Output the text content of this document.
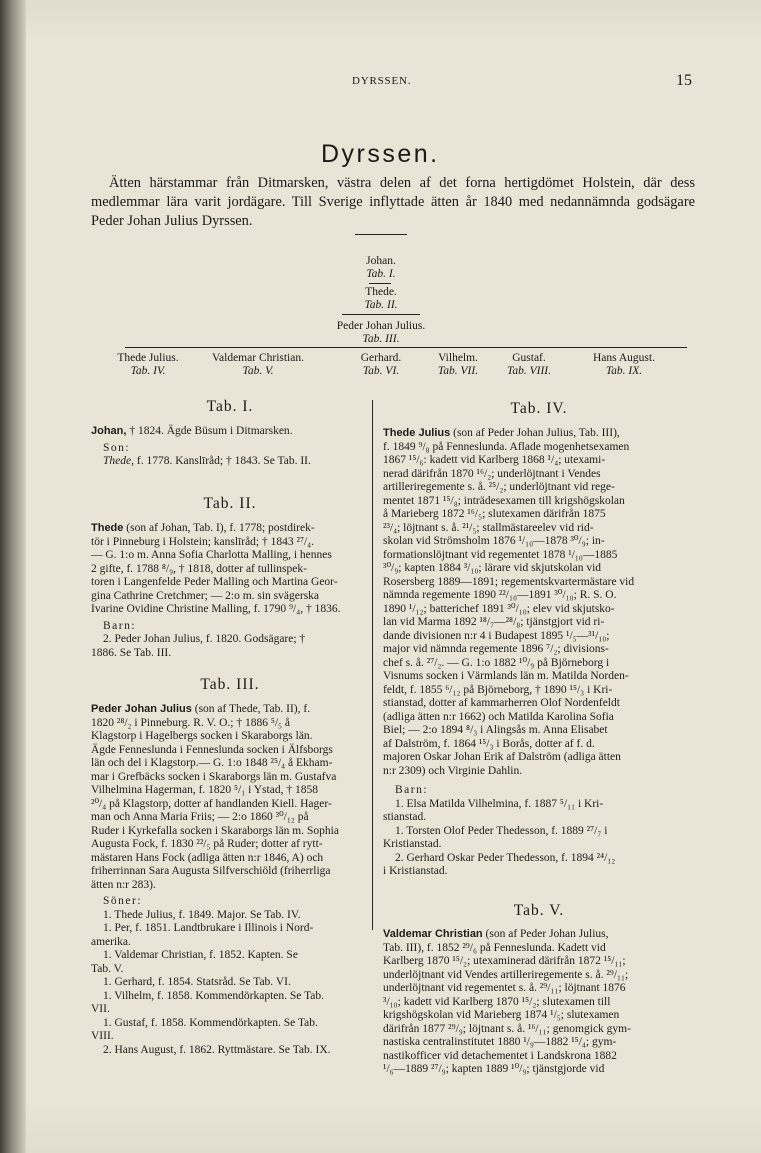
DYRSSEN.	15
Dyrssen.

Ätten härstammar från Ditmarsken, västra delen af det forna hertigdömet Holstein, där dess medlemmar lära varit jordägare. Till Sverige inflyttade ätten år 1840 med nedannämnda godsägare Peder Johan Julius Dyrssen.

Johan.
Tab. I.
Thede.
Tab. II.
Peder Johan Julius.
Tab. III.
Thede Julius.
Tab. IV.
Valdemar Christian.
Tab. V.
Gerhard.
Tab. VI.
Vilhelm.
Tab. VII.
Gustaf.
Tab. VIII.
Hans August.
Tab. IX.
Tab. I.
Johan, † 1824. Ägde Büsum i Ditmarsken.
Son:
Thede, f. 1778. Kanslīråd; † 1843. Se Tab. II.
Tab. II.
Thede (son af Johan, Tab. I), f. 1778; postdirek-
tör i Pinneburg i Holstein; kanslīråd; † 1843 ²⁷/₄.
— G. 1:o m. Anna Sofia Charlotta Malling, i hennes
2 gifte, f. 1788 ⁸/₉, † 1818, dotter af tullinspek-
toren i Langenfelde Peder Malling och Martina Geor-
gina Cathrine Cretchmer; — 2:o m. sin svägerska
Ivarine Ovidine Christine Malling, f. 1790 ⁹/₄, † 1836.
Barn:
2. Peder Johan Julius, f. 1820. Godsägare; †
1886. Se Tab. III.
Tab. III.
Peder Johan Julius (son af Thede, Tab. II), f.
1820 ²⁸/₂ i Pinneburg. R. V. O.; † 1886 ⁵/₅ å
Klagstorp i Hagelbergs socken i Skaraborgs län.
Ägde Fenneslunda i Fenneslunda socken i Älfsborgs
län och del i Klagstorp.— G. 1:o 1848 ²⁵/₄ å Ekham-
mar i Grefbäcks socken i Skaraborgs län m. Gustafva
Vilhelmina Hagerman, f. 1820 ⁵/₁ i Ystad, † 1858
²⁰/₄ på Klagstorp, dotter af handlanden Kiell. Hager-
man och Anna Maria Friis; — 2:o 1860 ³⁰/₁₂ på
Ruder i Kyrkefalla socken i Skaraborgs län m. Sophia
Augusta Fock, f. 1830 ²²/₅ på Ruder; dotter af rytt-
mästaren Hans Fock (adliga ätten n:r 1846, A) och
friherrinnan Sara Augusta Silfverschiöld (friherrliga
ätten n:r 283).
Söner:
1. Thede Julius, f. 1849. Major. Se Tab. IV.
1. Per, f. 1851. Landtbrukare i Illinois i Nord-
amerika.
1. Valdemar Christian, f. 1852. Kapten. Se
Tab. V.
1. Gerhard, f. 1854. Statsråd. Se Tab. VI.
1. Vilhelm, f. 1858. Kommendörkapten. Se Tab.
VII.
1. Gustaf, f. 1858. Kommendörkapten. Se Tab.
VIII.
2. Hans August, f. 1862. Ryttmästare. Se Tab. IX.
Tab. IV.
Thede Julius (son af Peder Johan Julius, Tab. III),
f. 1849 ⁹/₈ på Fenneslunda. Aflade mogenhetsexamen
1867 ¹⁵/₆: kadett vid Karlberg 1868 ¹/₄; utexami-
nerad därifrån 1870 ¹⁶/₂; underlöjtnant i Vendes
artilleriregemente s. å. ²⁵/₂; underlöjtnant vid rege-
mentet 1871 ¹⁵/₈; inträdesexamen till krigshögskolan
å Marieberg 1872 ¹⁶/₅; slutexamen därifrån 1875
²³/₄; löjtnant s. å. ²¹/₅; stallmästareelev vid rid-
skolan vid Strömsholm 1876 ¹/₁₀—1878 ³⁰/₉; in-
formationslöjtnant vid regementet 1878 ¹/₁₀—1885
³⁰/₉; kapten 1884 ³/₁₀; lärare vid skjutskolan vid
Rosersberg 1889—1891; regementskvartermästare vid
nämnda regemente 1890 ²²/₁₀—1891 ³⁰/₁₀; R. S. O.
1890 ¹/₁₂; batterichef 1891 ³⁰/₁₀; elev vid skjutsko-
lan vid Marma 1892 ¹⁸/₇—²⁸/₈; tjänstgjort vid ri-
dande divisionen n:r 4 i Budapest 1895 ¹/₅—³¹/₁₀;
major vid nämnda regemente 1896 ⁷/₂; divisions-
chef s. å. ²⁷/₂. — G. 1:o 1882 ¹⁰/₉ på Björneborg i
Visnums socken i Värmlands län m. Matilda Norden-
feldt, f. 1855 ⁶/₁₂ på Björneborg, † 1890 ¹⁵/₃ i Kri-
stianstad, dotter af kammarherren Olof Nordenfeldt
(adliga ätten n:r 1662) och Matilda Karolina Sofia
Biel; — 2:o 1894 ⁸/₃ i Alingsås m. Anna Elisabet
af Dalström, f. 1864 ¹⁵/₃ i Borås, dotter af f. d.
majoren Oskar Johan Erik af Dalström (adliga ätten
n:r 2309) och Virginie Dahlin.
Barn:
1. Elsa Matilda Vilhelmina, f. 1887 ⁵/₁₁ i Kri-
stianstad.
1. Torsten Olof Peder Thedesson, f. 1889 ²⁷/₇ i
Kristianstad.
2. Gerhard Oskar Peder Thedesson, f. 1894 ²⁴/₁₂
i Kristianstad.
Tab. V.
Valdemar Christian (son af Peder Johan Julius,
Tab. III), f. 1852 ²⁹/₆ på Fenneslunda. Kadett vid
Karlberg 1870 ¹⁵/₂; utexaminerad därifrån 1872 ¹⁵/₁₁;
underlöjtnant vid Vendes artilleriregemente s. å. ²⁹/₁₁;
underlöjtnant vid regementet s. å. ²⁹/₁₁; löjtnant 1876
³/₁₀; kadett vid Karlberg 1870 ¹⁵/₂; slutexamen till
krigshögskolan vid Marieberg 1874 ¹/₅; slutexamen
därifrån 1877 ²⁹/₉; löjtnant s. å. ¹⁶/₁₁; genomgick gym-
nastiska centralinstitutet 1880 ¹/₉—1882 ¹⁵/₄; gym-
nastikofficer vid detachementet i Landskrona 1882
¹/₆—1889 ²⁷/₉; kapten 1889 ¹⁰/₉; tjänstgjorde vid
